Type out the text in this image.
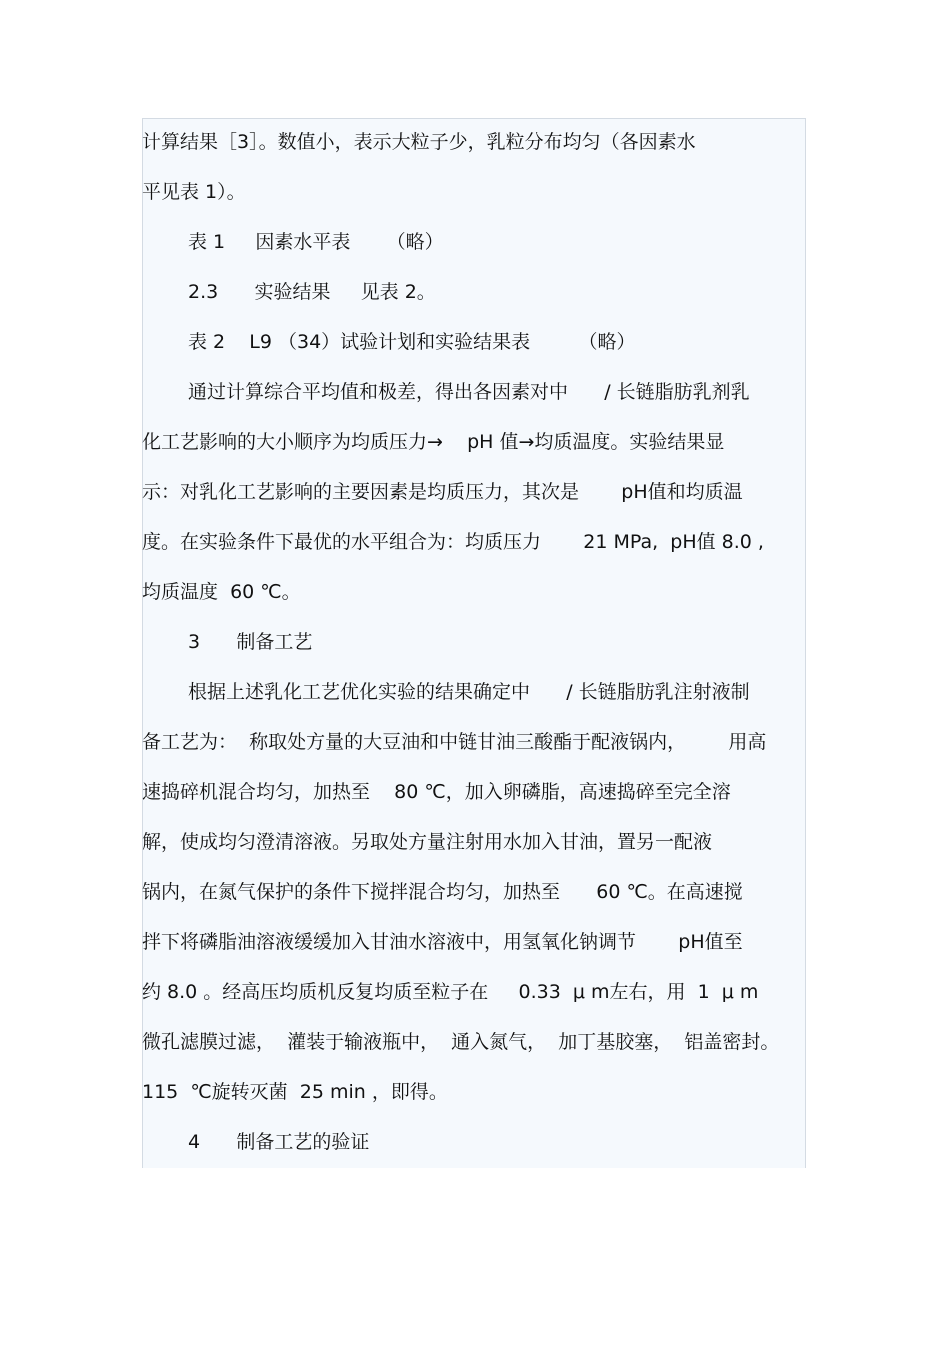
计算结果［3］。数值小，表示大粒子少，乳粒分布均匀（各因素水
平见表 1）。
表 1     因素水平表      （略）
2.3      实验结果     见表 2。
表 2    L9 （34）试验计划和实验结果表        （略）
通过计算综合平均值和极差，得出各因素对中      / 长链脂肪乳剂乳
化工艺影响的大小顺序为均质压力→    pH 值→均质温度。实验结果显
示：对乳化工艺影响的主要因素是均质压力，其次是       pH值和均质温
度。在实验条件下最优的水平组合为：均质压力       21 MPa,  pH值 8.0 ,
均质温度  60 ℃。
3      制备工艺
根据上述乳化工艺优化实验的结果确定中      / 长链脂肪乳注射液制
备工艺为：  称取处方量的大豆油和中链甘油三酸酯于配液锅内，       用高
速捣碎机混合均匀，加热至    80 ℃，加入卵磷脂，高速捣碎至完全溶
解，使成均匀澄清溶液。另取处方量注射用水加入甘油，置另一配液
锅内，在氮气保护的条件下搅拌混合均匀，加热至      60 ℃。在高速搅
拌下将磷脂油溶液缓缓加入甘油水溶液中，用氢氧化钠调节       pH值至
约 8.0 。经高压均质机反复均质至粒子在     0.33  μ m左右，用  1  μ m
微孔滤膜过滤，  灌装于输液瓶中，  通入氮气，  加丁基胶塞，  铝盖密封。
115  ℃旋转灭菌  25 min ，即得。
4      制备工艺的验证
